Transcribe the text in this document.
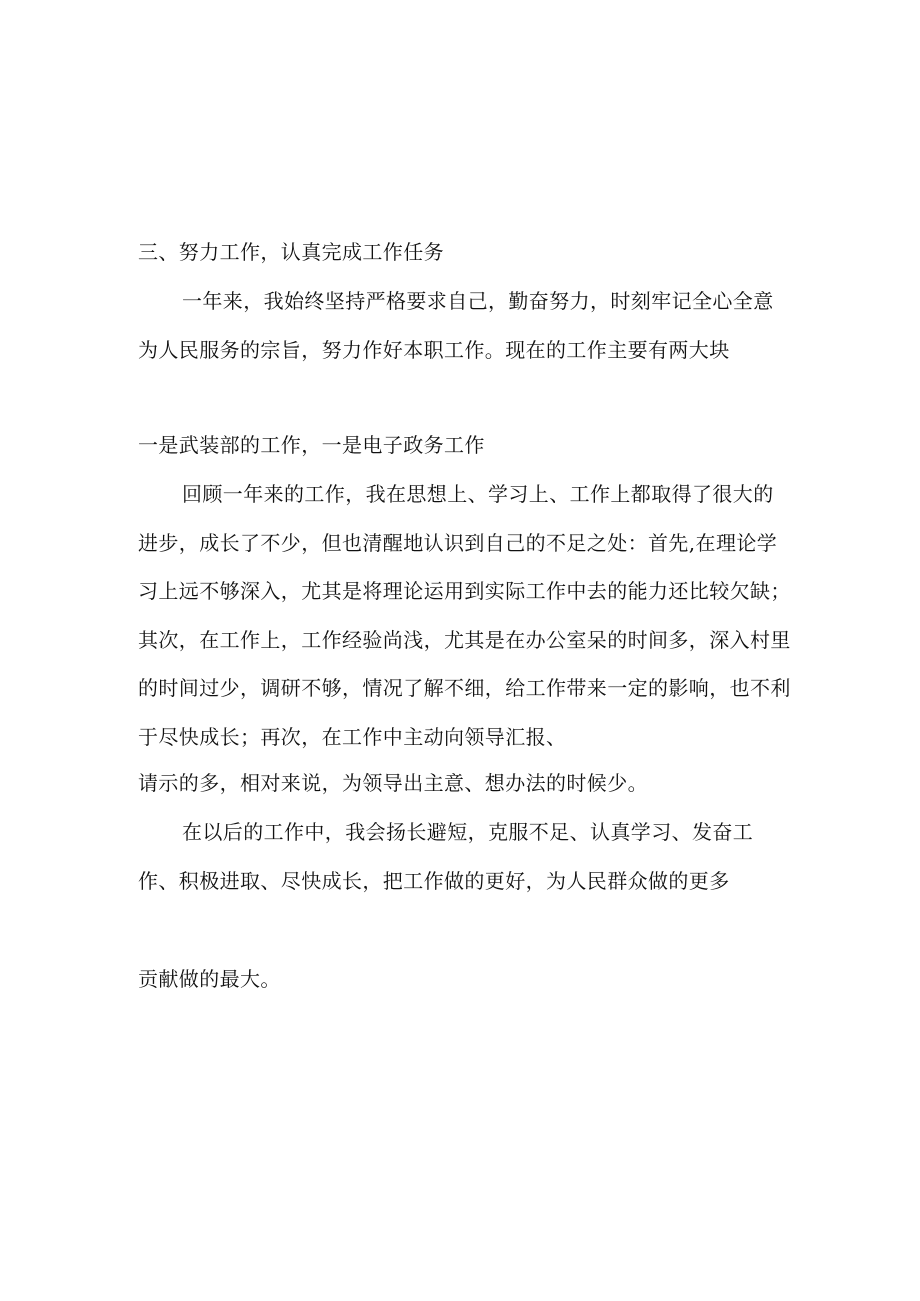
三、努力工作，认真完成工作任务
一年来，我始终坚持严格要求自己，勤奋努力，时刻牢记全心全意
为人民服务的宗旨，努力作好本职工作。现在的工作主要有两大块
一是武装部的工作，一是电子政务工作
回顾一年来的工作，我在思想上、学习上、工作上都取得了很大的
进步，成长了不少，但也清醒地认识到自己的不足之处：首先,在理论学
习上远不够深入，尤其是将理论运用到实际工作中去的能力还比较欠缺；
其次，在工作上，工作经验尚浅，尤其是在办公室呆的时间多，深入村里
的时间过少，调研不够，情况了解不细，给工作带来一定的影响，也不利
于尽快成长；再次，在工作中主动向领导汇报、
请示的多，相对来说，为领导出主意、想办法的时候少。
在以后的工作中，我会扬长避短，克服不足、认真学习、发奋工
作、积极进取、尽快成长，把工作做的更好，为人民群众做的更多
贡献做的最大。
